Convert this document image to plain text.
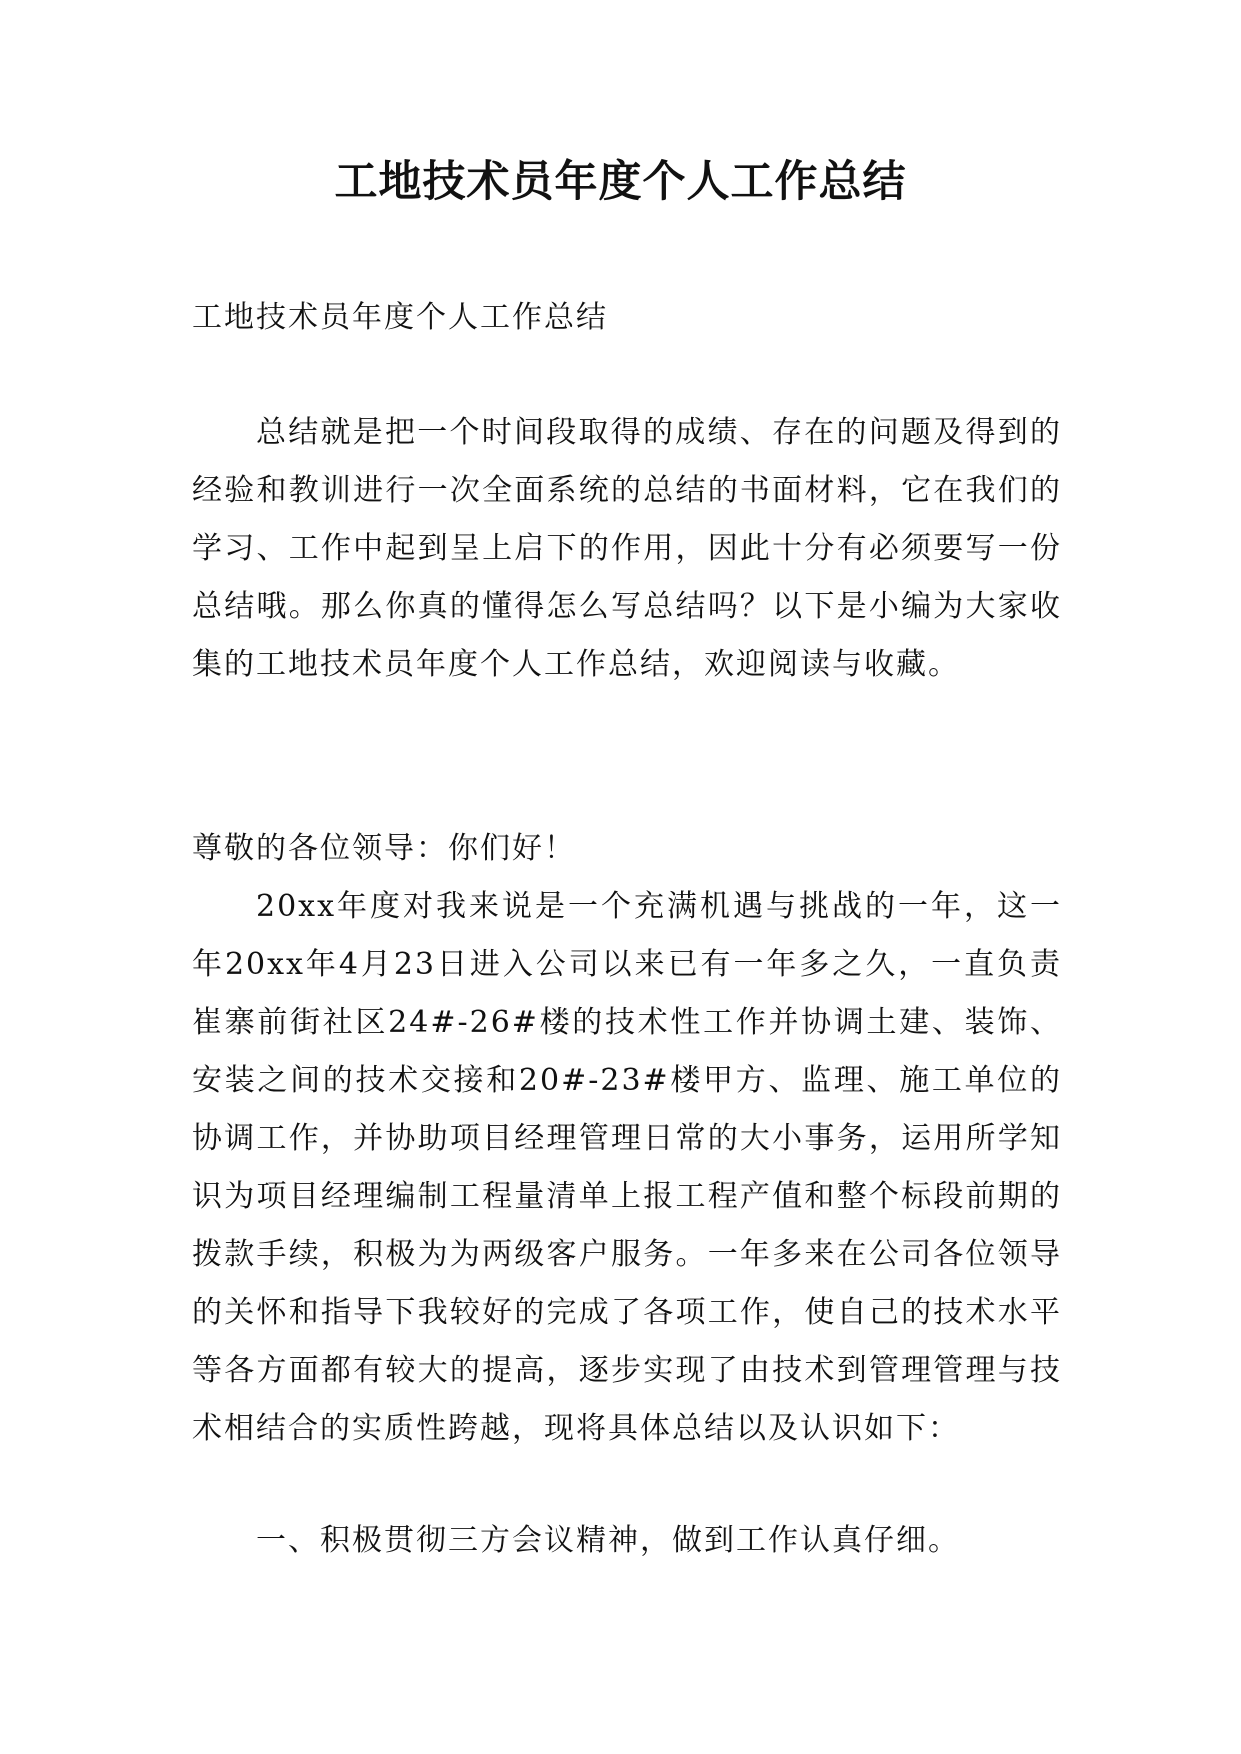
工地技术员年度个人工作总结

工地技术员年度个人工作总结

总结就是把一个时间段取得的成绩、存在的问题及得到的经验和教训进行一次全面系统的总结的书面材料，它在我们的学习、工作中起到呈上启下的作用，因此十分有必须要写一份总结哦。那么你真的懂得怎么写总结吗？以下是小编为大家收集的工地技术员年度个人工作总结，欢迎阅读与收藏。

尊敬的各位领导：你们好！

20xx年度对我来说是一个充满机遇与挑战的一年，这一年20xx年4月23日进入公司以来已有一年多之久，一直负责崔寨前街社区24#-26#楼的技术性工作并协调土建、装饰、安装之间的技术交接和20#-23#楼甲方、监理、施工单位的协调工作，并协助项目经理管理日常的大小事务，运用所学知识为项目经理编制工程量清单上报工程产值和整个标段前期的拨款手续，积极为为两级客户服务。一年多来在公司各位领导的关怀和指导下我较好的完成了各项工作，使自己的技术水平等各方面都有较大的提高，逐步实现了由技术到管理管理与技术相结合的实质性跨越，现将具体总结以及认识如下：

一、积极贯彻三方会议精神，做到工作认真仔细。
